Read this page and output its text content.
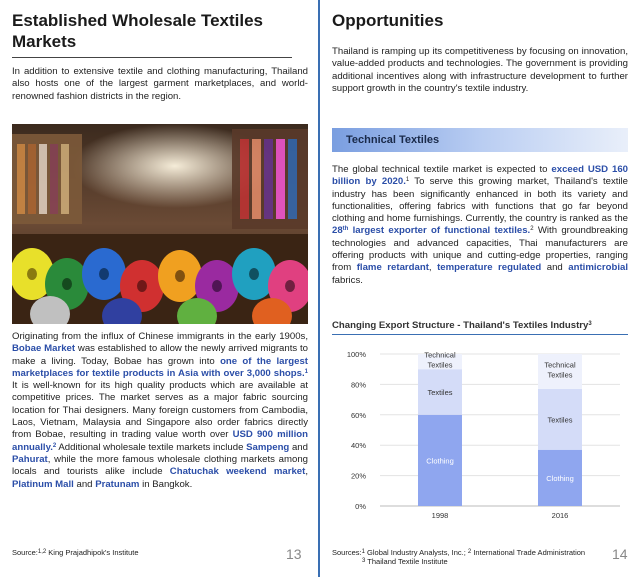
Established Wholesale Textiles Markets

In addition to extensive textile and clothing manufacturing, Thailand also hosts one of the largest garment marketplaces, and world-renowned fashion districts in the region.

Originating from the influx of Chinese immigrants in the early 1900s, Bobae Market was established to allow the newly arrived migrants to make a living. Today, Bobae has grown into one of the largest marketplaces for textile products in Asia with over 3,000 shops.$^1$ It is well-known for its high quality products which are available at competitive prices. The market serves as a major fabric sourcing location for Thai designers. Many foreign customers from Cambodia, Laos, Vietnam, Malaysia and Singapore also order fabrics directly from Bobae, resulting in trading value worth over USD 900 million annually.$^2$ Additional wholesale textile markets include Sampeng and Pahurat, while the more famous wholesale clothing markets among locals and tourists alike include Chatuchak weekend market, Platinum Mall and Pratunam in Bangkok.

Source:$^{1,2}$ King Prajadhipok's Institute	13
Opportunities

Thailand is ramping up its competitiveness by focusing on innovation, value-added products and technologies. The government is providing additional incentives along with infrastructure development to further support growth in the country's textile industry.

Technical Textiles

The global technical textile market is expected to exceed USD 160 billion by 2020.$^1$ To serve this growing market, Thailand's textile industry has been significantly enhanced in both its variety and functionalities, offering fabrics with functions that go far beyond clothing and home furnishings. Currently, the country is ranked as the 28th largest exporter of functional textiles.$^2$ With groundbreaking technologies and advanced capacities, Thai manufacturers are offering products with unique and cutting-edge properties, ranging from flame retardant, temperature regulated and antimicrobial fabrics.

Changing Export Structure - Thailand's Textiles Industry$^3$
0%
20%
40%
60%
80%
100%
Clothing
Textiles
Technical
Textiles
1998
Clothing
Textiles
Technical
Textiles
2016
Sources:$^1$ Global Industry Analysts, Inc.; $^2$ International Trade Administration
$^3$ Thailand Textile Institute	14
